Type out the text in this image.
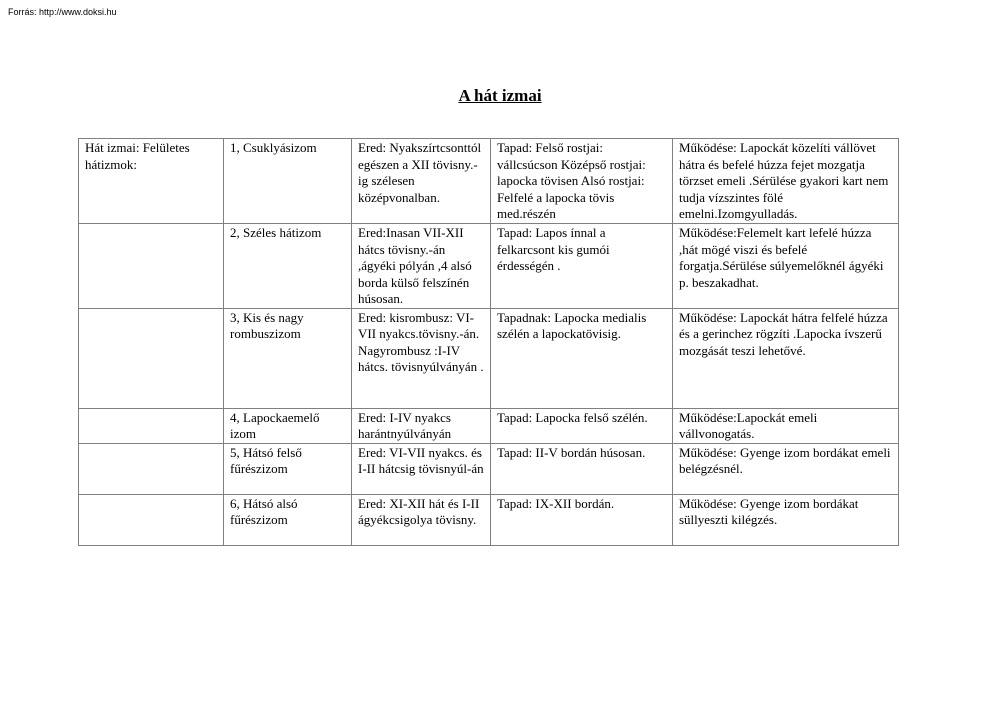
Forrás: http://www.doksi.hu
A hát izmai
Hát izmai: Felületes hátizmok:	1, Csuklyásizom	Ered: Nyakszírtcsonttól egészen a XII tövisny.-ig szélesen középvonalban.	Tapad: Felső rostjai: vállcsúcson Középső rostjai: lapocka tövisen Alsó rostjai: Felfelé a lapocka tövis med.részén	Működése: Lapockát közelíti vállövet hátra és befelé húzza fejet mozgatja törzset emeli .Sérülése gyakori kart nem tudja vízszintes fölé emelni.Izomgyulladás.
	2, Széles hátizom	Ered:Inasan VII-XII hátcs tövisny.-án ,ágyéki pólyán ,4 alsó borda külső felszínén húsosan.	Tapad: Lapos ínnal a felkarcsont kis gumói érdességén .	Működése:Felemelt kart lefelé húzza ,hát mögé viszi és befelé forgatja.Sérülése súlyemelőknél ágyéki p. beszakadhat.
	3, Kis és nagy rombuszizom	Ered: kisrombusz: VI-VII nyakcs.tövisny.-án. Nagyrombusz :I-IV hátcs. tövisnyúlványán .	Tapadnak: Lapocka medialis szélén a lapockatövisig.	Működése: Lapockát hátra felfelé húzza és a gerinchez rögzíti .Lapocka ívszerű mozgását teszi lehetővé.
	4, Lapockaemelő izom	Ered: I-IV nyakcs harántnyúlványán	Tapad: Lapocka felső szélén.	Működése:Lapockát emeli vállvonogatás.
	5, Hátsó felső fűrészizom	Ered: VI-VII nyakcs. és I-II hátcsig tövisnyúl-án	Tapad: II-V bordán húsosan.	Működése: Gyenge izom bordákat emeli belégzésnél.
	6, Hátsó alsó fűrészizom	Ered: XI-XII hát és I-II ágyékcsigolya tövisny.	Tapad: IX-XII bordán.	Működése: Gyenge izom bordákat süllyeszti kilégzés.
